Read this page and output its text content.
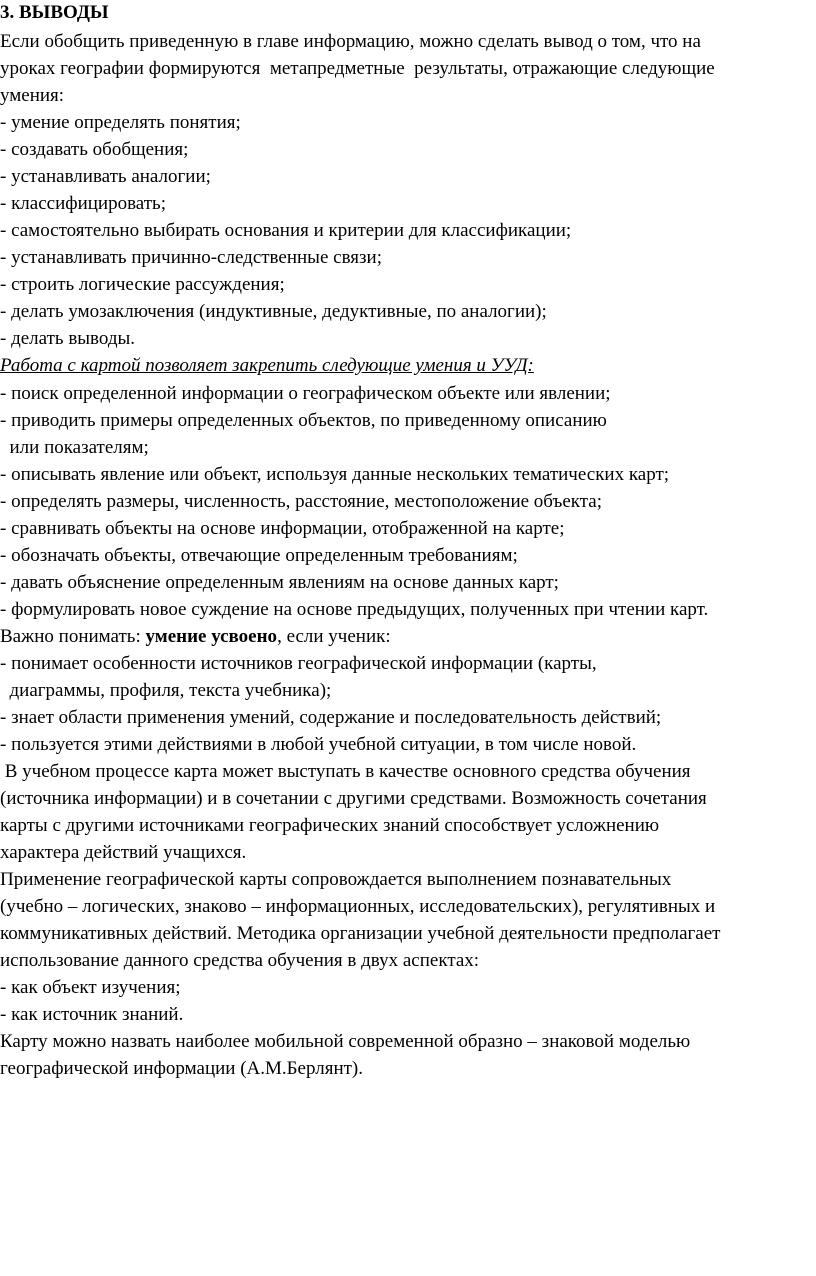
3. ВЫВОДЫ
Если обобщить приведенную в главе информацию, можно сделать вывод о том, что на
уроках географии формируются  метапредметные  результаты, отражающие следующие
умения:
- умение определять понятия;
- создавать обобщения;
- устанавливать аналогии;
- классифицировать;
- самостоятельно выбирать основания и критерии для классификации;
- устанавливать причинно-следственные связи;
- строить логические рассуждения;
- делать умозаключения (индуктивные, дедуктивные, по аналогии);
- делать выводы.
Работа с картой позволяет закрепить следующие умения и УУД:
- поиск определенной информации о географическом объекте или явлении;
- приводить примеры определенных объектов, по приведенному описанию
или показателям;
- описывать явление или объект, используя данные нескольких тематических карт;
- определять размеры, численность, расстояние, местоположение объекта;
- сравнивать объекты на основе информации, отображенной на карте;
- обозначать объекты, отвечающие определенным требованиям;
- давать объяснение определенным явлениям на основе данных карт;
- формулировать новое суждение на основе предыдущих, полученных при чтении карт.
Важно понимать: умение усвоено, если ученик:
- понимает особенности источников географической информации (карты,
диаграммы, профиля, текста учебника);
- знает области применения умений, содержание и последовательность действий;
- пользуется этими действиями в любой учебной ситуации, в том числе новой.
В учебном процессе карта может выступать в качестве основного средства обучения
(источника информации) и в сочетании с другими средствами. Возможность сочетания
карты с другими источниками географических знаний способствует усложнению
характера действий учащихся.
Применение географической карты сопровождается выполнением познавательных
(учебно – логических, знаково – информационных, исследовательских), регулятивных и
коммуникативных действий. Методика организации учебной деятельности предполагает
использование данного средства обучения в двух аспектах:
- как объект изучения;
- как источник знаний.
Карту можно назвать наиболее мобильной современной образно – знаковой моделью
географической информации (А.М.Берлянт).
